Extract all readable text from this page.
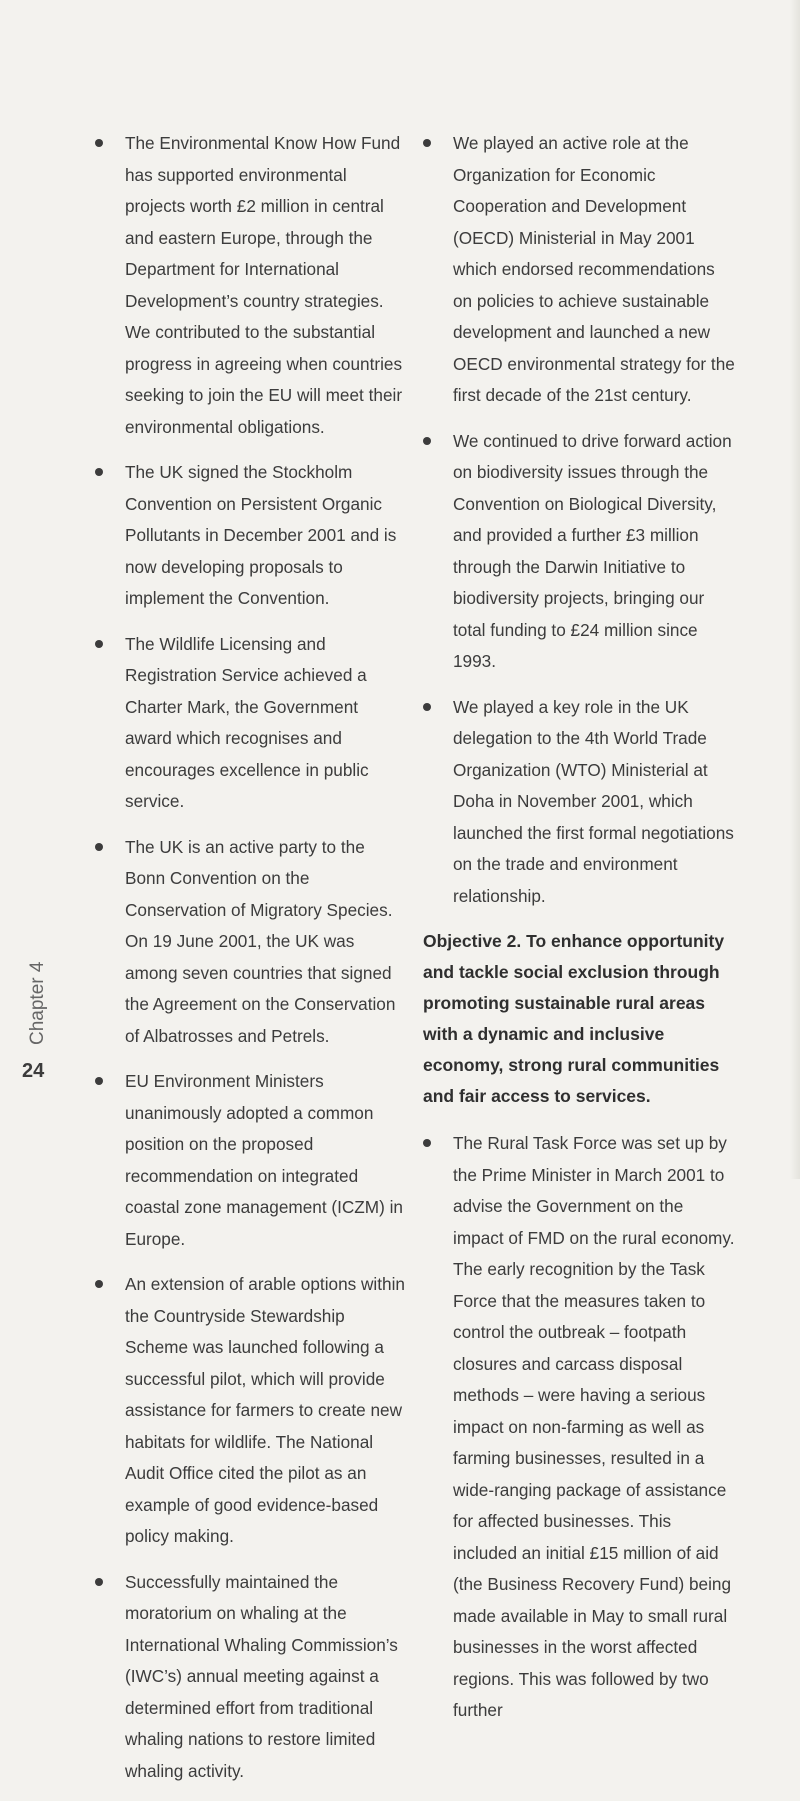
Chapter 4
24
The Environmental Know How Fund has supported environmental projects worth £2 million in central and eastern Europe, through the Department for International Development’s country strategies. We contributed to the substantial progress in agreeing when countries seeking to join the EU will meet their environmental obligations.
The UK signed the Stockholm Convention on Persistent Organic Pollutants in December 2001 and is now developing proposals to implement the Convention.
The Wildlife Licensing and Registration Service achieved a Charter Mark, the Government award which recognises and encourages excellence in public service.
The UK is an active party to the Bonn Convention on the Conservation of Migratory Species. On 19 June 2001, the UK was among seven countries that signed the Agreement on the Conservation of Albatrosses and Petrels.
EU Environment Ministers unanimously adopted a common position on the proposed recommendation on integrated coastal zone management (ICZM) in Europe.
An extension of arable options within the Countryside Stewardship Scheme was launched following a successful pilot, which will provide assistance for farmers to create new habitats for wildlife. The National Audit Office cited the pilot as an example of good evidence-based policy making.
Successfully maintained the moratorium on whaling at the International Whaling Commission’s (IWC’s) annual meeting against a determined effort from traditional whaling nations to restore limited whaling activity.
We played an active role at the Organization for Economic Cooperation and Development (OECD) Ministerial in May 2001 which endorsed recommendations on policies to achieve sustainable development and launched a new OECD environmental strategy for the first decade of the 21st century.
We continued to drive forward action on biodiversity issues through the Convention on Biological Diversity, and provided a further £3 million through the Darwin Initiative to biodiversity projects, bringing our total funding to £24 million since 1993.
We played a key role in the UK delegation to the 4th World Trade Organization (WTO) Ministerial at Doha in November 2001, which launched the first formal negotiations on the trade and environment relationship.
Objective 2. To enhance opportunity and tackle social exclusion through promoting sustainable rural areas with a dynamic and inclusive economy, strong rural communities and fair access to services.
The Rural Task Force was set up by the Prime Minister in March 2001 to advise the Government on the impact of FMD on the rural economy. The early recognition by the Task Force that the measures taken to control the outbreak – footpath closures and carcass disposal methods – were having a serious impact on non-farming as well as farming businesses, resulted in a wide-ranging package of assistance for affected businesses. This included an initial £15 million of aid (the Business Recovery Fund) being made available in May to small rural businesses in the worst affected regions. This was followed by two further
